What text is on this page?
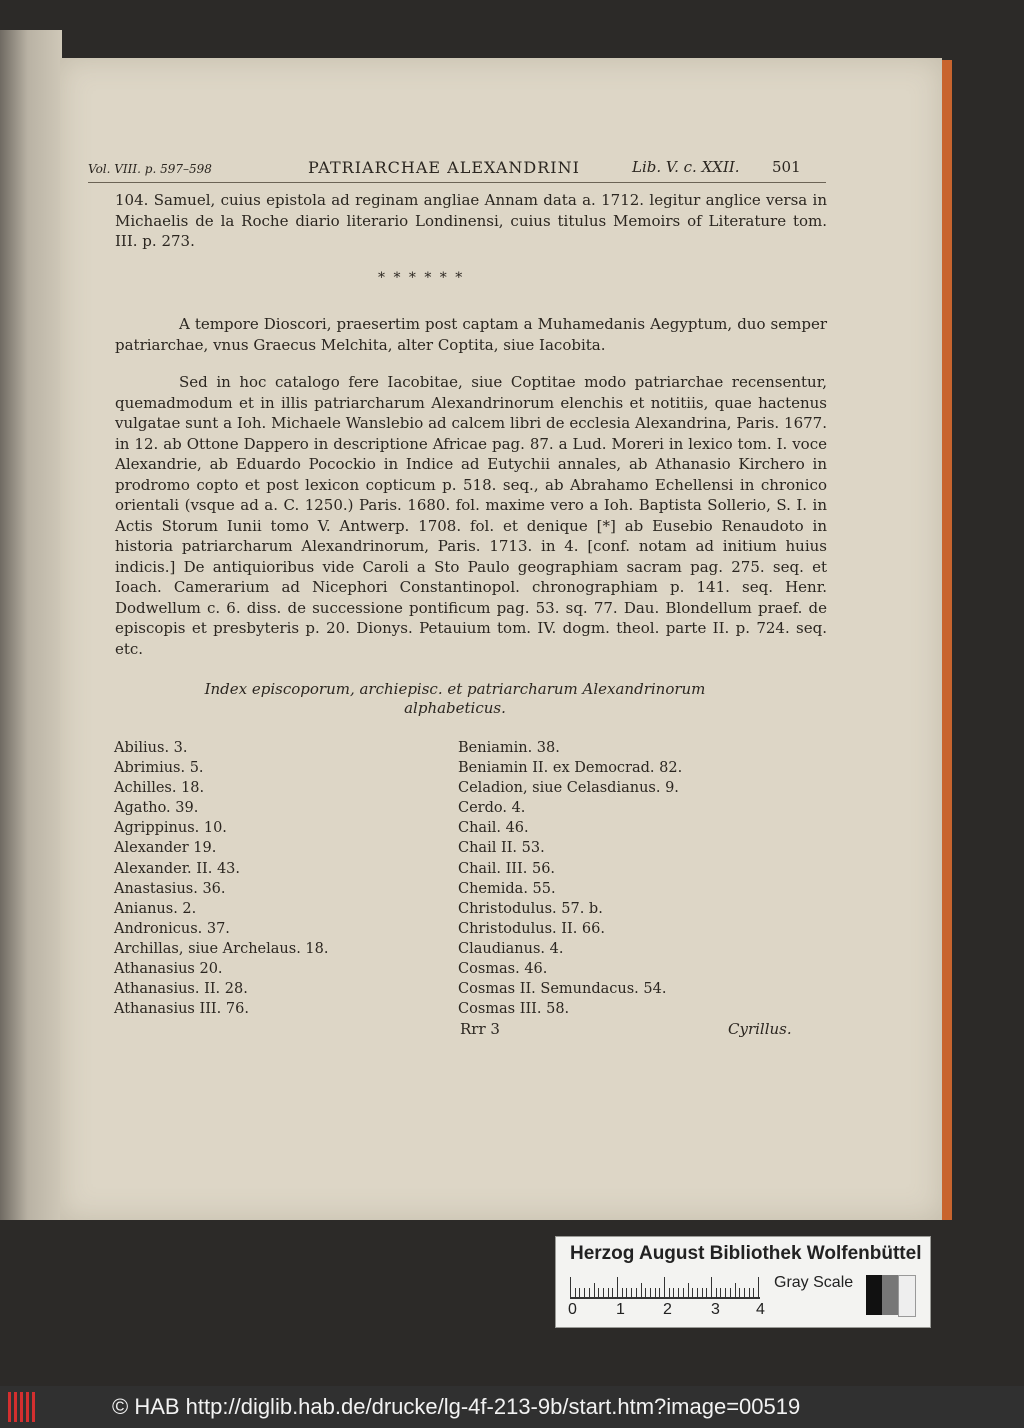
Vol. VIII. p. 597–598	PATRIARCHAE ALEXANDRINI	Lib. V. c. XXII. 501
104. Samuel, cuius epistola ad reginam angliae Annam data a. 1712. legitur anglice versa in Michaelis de la Roche diario literario Londinensi, cuius titulus Memoirs of Literature tom. III. p. 273.
* * * * * *
A tempore Dioscori, praesertim post captam a Muhamedanis Aegyptum, duo semper patriarchae, vnus Graecus Melchita, alter Coptita, siue Iacobita.
Sed in hoc catalogo fere Iacobitae, siue Coptitae modo patriarchae recensentur, quemadmodum et in illis patriarcharum Alexandrinorum elenchis et notitiis, quae hactenus vulgatae sunt a Ioh. Michaele Wanslebio ad calcem libri de ecclesia Alexandrina, Paris. 1677. in 12. ab Ottone Dappero in descriptione Africae pag. 87. a Lud. Moreri in lexico tom. I. voce Alexandrie, ab Eduardo Pocockio in Indice ad Eutychii annales, ab Athanasio Kirchero in prodromo copto et post lexicon copticum p. 518. seq., ab Abrahamo Echellensi in chronico orientali (vsque ad a. C. 1250.) Paris. 1680. fol. maxime vero a Ioh. Baptista Sollerio, S. I. in Actis Storum Iunii tomo V. Antwerp. 1708. fol. et denique [*] ab Eusebio Renaudoto in historia patriarcharum Alexandrinorum, Paris. 1713. in 4. [conf. notam ad initium huius indicis.] De antiquioribus vide Caroli a Sto Paulo geographiam sacram pag. 275. seq. et Ioach. Camerarium ad Nicephori Constantinopol. chronographiam p. 141. seq. Henr. Dodwellum c. 6. diss. de successione pontificum pag. 53. sq. 77. Dau. Blondellum praef. de episcopis et presbyteris p. 20. Dionys. Petauium tom. IV. dogm. theol. parte II. p. 724. seq. etc.
Index episcoporum, archiepisc. et patriarcharum Alexandrinorum alphabeticus.
Abilius. 3.
Abrimius. 5.
Achilles. 18.
Agatho. 39.
Agrippinus. 10.
Alexander 19.
Alexander. II. 43.
Anastasius. 36.
Anianus. 2.
Andronicus. 37.
Archillas, siue Archelaus. 18.
Athanasius 20.
Athanasius. II. 28.
Athanasius III. 76.
Beniamin. 38.
Beniamin II. ex Democrad. 82.
Celadion, siue Celasdianus. 9.
Cerdo. 4.
Chail. 46.
Chail II. 53.
Chail. III. 56.
Chemida. 55.
Christodulus. 57. b.
Christodulus. II. 66.
Claudianus. 4.
Cosmas. 46.
Cosmas II. Semundacus. 54.
Cosmas III. 58.
Rrr 3	Cyrillus.
Herzog August Bibliothek Wolfenbüttel
0 1 2 3 4
Gray Scale
© HAB http://diglib.hab.de/drucke/lg-4f-213-9b/start.htm?image=00519
